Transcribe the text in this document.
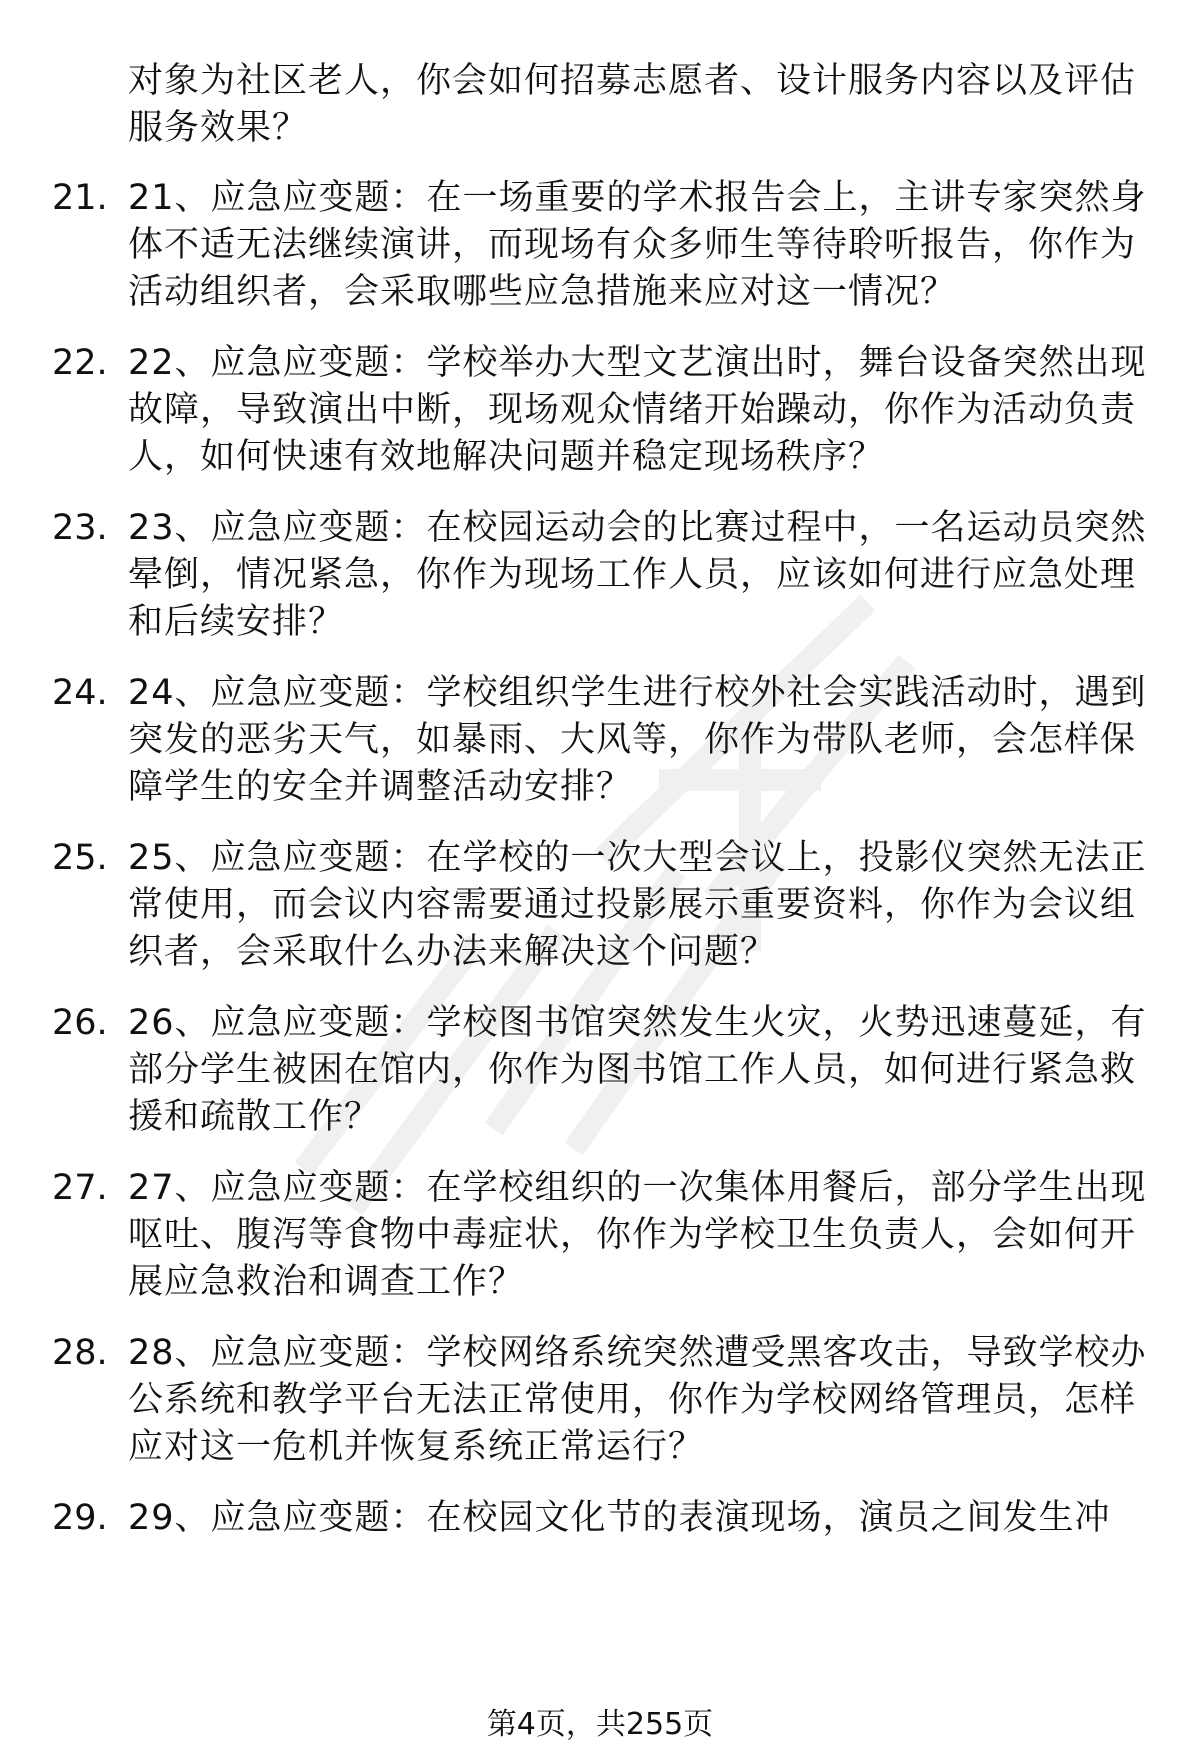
对象为社区老人，你会如何招募志愿者、设计服务内容以及评估服务效果？
21. 21、应急应变题：在一场重要的学术报告会上，主讲专家突然身体不适无法继续演讲，而现场有众多师生等待聆听报告，你作为活动组织者，会采取哪些应急措施来应对这一情况？
22. 22、应急应变题：学校举办大型文艺演出时，舞台设备突然出现故障，导致演出中断，现场观众情绪开始躁动，你作为活动负责人，如何快速有效地解决问题并稳定现场秩序？
23. 23、应急应变题：在校园运动会的比赛过程中，一名运动员突然晕倒，情况紧急，你作为现场工作人员，应该如何进行应急处理和后续安排？
24. 24、应急应变题：学校组织学生进行校外社会实践活动时，遇到突发的恶劣天气，如暴雨、大风等，你作为带队老师，会怎样保障学生的安全并调整活动安排？
25. 25、应急应变题：在学校的一次大型会议上，投影仪突然无法正常使用，而会议内容需要通过投影展示重要资料，你作为会议组织者，会采取什么办法来解决这个问题？
26. 26、应急应变题：学校图书馆突然发生火灾，火势迅速蔓延，有部分学生被困在馆内，你作为图书馆工作人员，如何进行紧急救援和疏散工作？
27. 27、应急应变题：在学校组织的一次集体用餐后，部分学生出现呕吐、腹泻等食物中毒症状，你作为学校卫生负责人，会如何开展应急救治和调查工作？
28. 28、应急应变题：学校网络系统突然遭受黑客攻击，导致学校办公系统和教学平台无法正常使用，你作为学校网络管理员，怎样应对这一危机并恢复系统正常运行？
29. 29、应急应变题：在校园文化节的表演现场，演员之间发生冲
第4页，共255页
